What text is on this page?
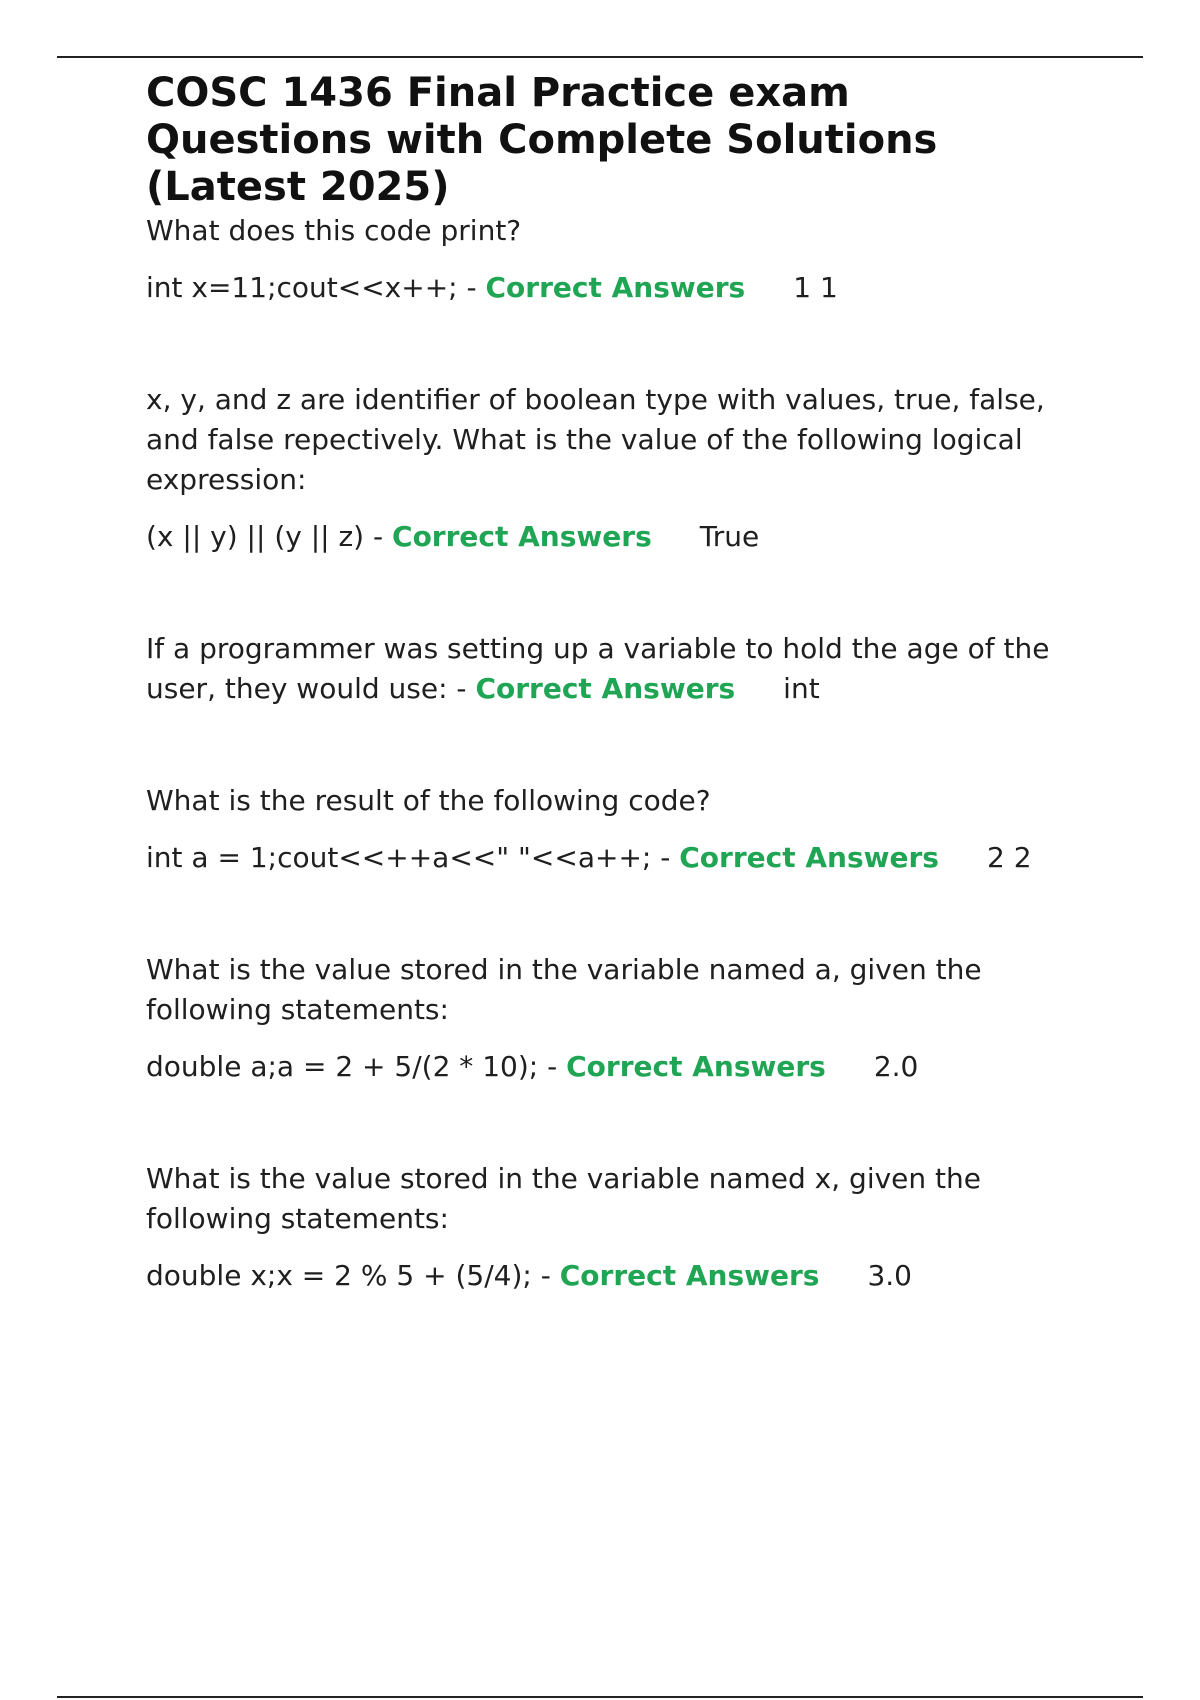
COSC 1436 Final Practice exam Questions with Complete Solutions (Latest 2025)

What does this code print?

int x=11;cout<<x++; - Correct Answers 1 1

x, y, and z are identifier of boolean type with values, true, false, and false repectively. What is the value of the following logical expression:

(x || y) || (y || z) - Correct Answers True

If a programmer was setting up a variable to hold the age of the user, they would use: - Correct Answers int

What is the result of the following code?

int a = 1;cout<<++a<<" "<<a++; - Correct Answers 2 2

What is the value stored in the variable named a, given the following statements:

double a;a = 2 + 5/(2 * 10); - Correct Answers 2.0

What is the value stored in the variable named x, given the following statements:

double x;x = 2 % 5 + (5/4); - Correct Answers 3.0
